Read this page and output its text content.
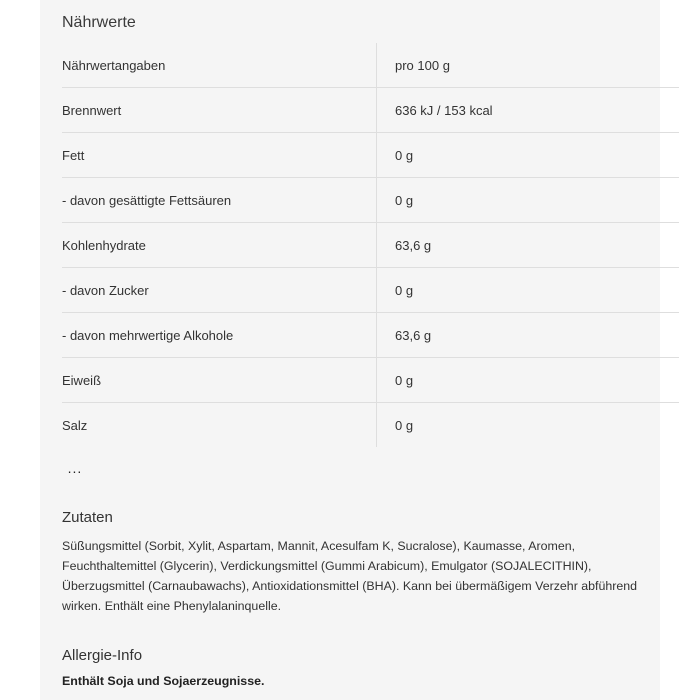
Nährwerte
Nährwertangaben	pro 100 g
Brennwert	636 kJ / 153 kcal
Fett	0 g
- davon gesättigte Fettsäuren	0 g
Kohlenhydrate	63,6 g
- davon Zucker	0 g
- davon mehrwertige Alkohole	63,6 g
Eiweiß	0 g
Salz	0 g
...
Zutaten
Süßungsmittel (Sorbit, Xylit, Aspartam, Mannit, Acesulfam K, Sucralose), Kaumasse, Aromen, Feuchthaltemittel (Glycerin), Verdickungsmittel (Gummi Arabicum), Emulgator (SOJALECITHIN), Überzugsmittel (Carnaubawachs), Antioxidationsmittel (BHA). Kann bei übermäßigem Verzehr abführend wirken. Enthält eine Phenylalaninquelle.
Allergie-Info
Enthält Soja und Sojaerzeugnisse.
